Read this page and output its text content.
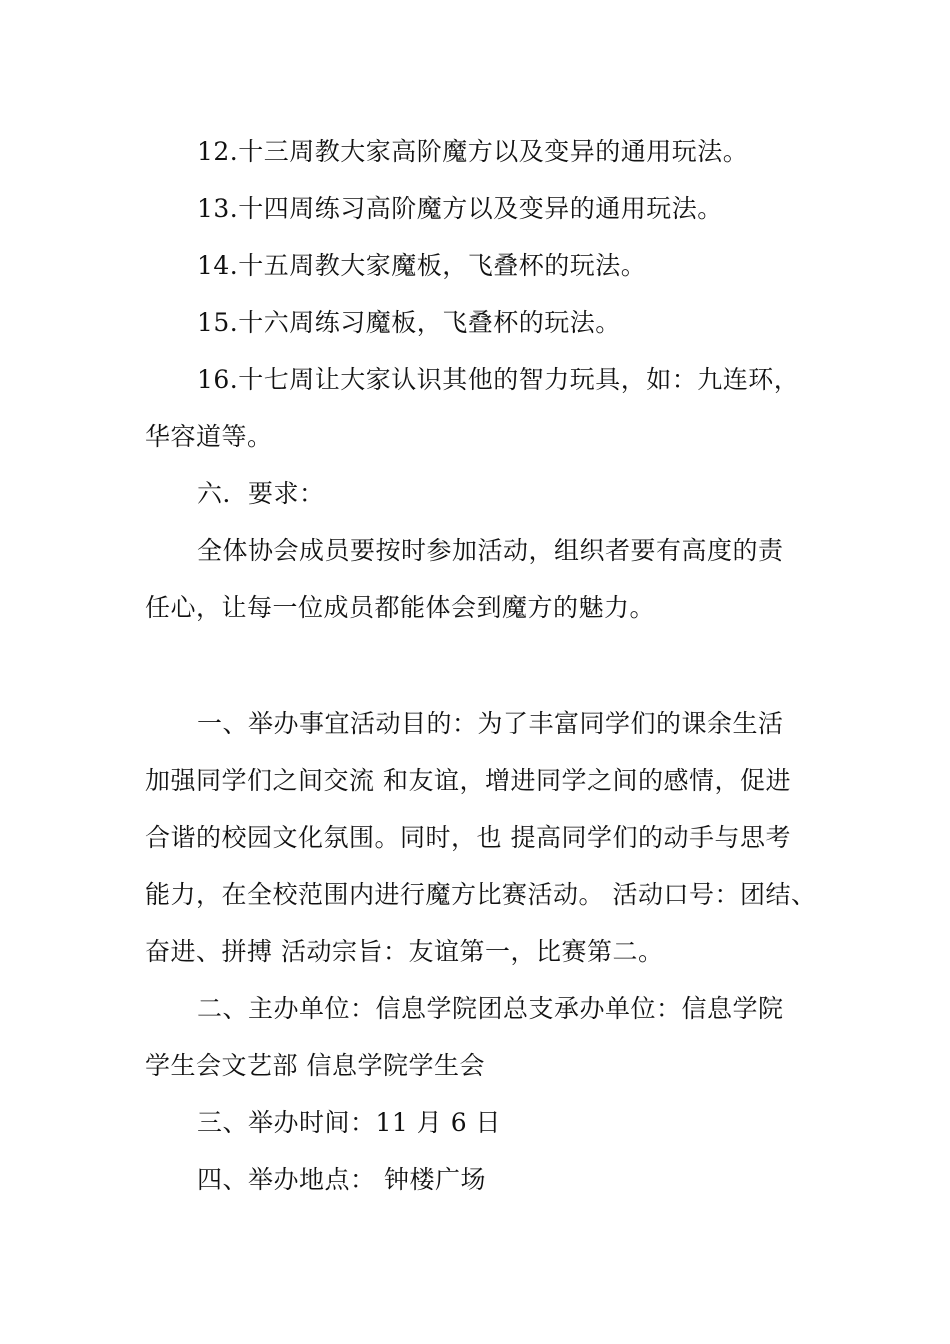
12.十三周教大家高阶魔方以及变异的通用玩法。
13.十四周练习高阶魔方以及变异的通用玩法。
14.十五周教大家魔板，飞叠杯的玩法。
15.十六周练习魔板，飞叠杯的玩法。
16.十七周让大家认识其他的智力玩具，如：九连环，
华容道等。
六．要求：
全体协会成员要按时参加活动，组织者要有高度的责
任心，让每一位成员都能体会到魔方的魅力。
一、举办事宜活动目的：为了丰富同学们的课余生活
加强同学们之间交流 和友谊，增进同学之间的感情，促进
合谐的校园文化氛围。同时，也 提高同学们的动手与思考
能力，在全校范围内进行魔方比赛活动。 活动口号：团结、
奋进、拼搏 活动宗旨：友谊第一，比赛第二。
二、主办单位：信息学院团总支承办单位：信息学院
学生会文艺部 信息学院学生会
三、举办时间：11 月 6 日
四、举办地点： 钟楼广场
